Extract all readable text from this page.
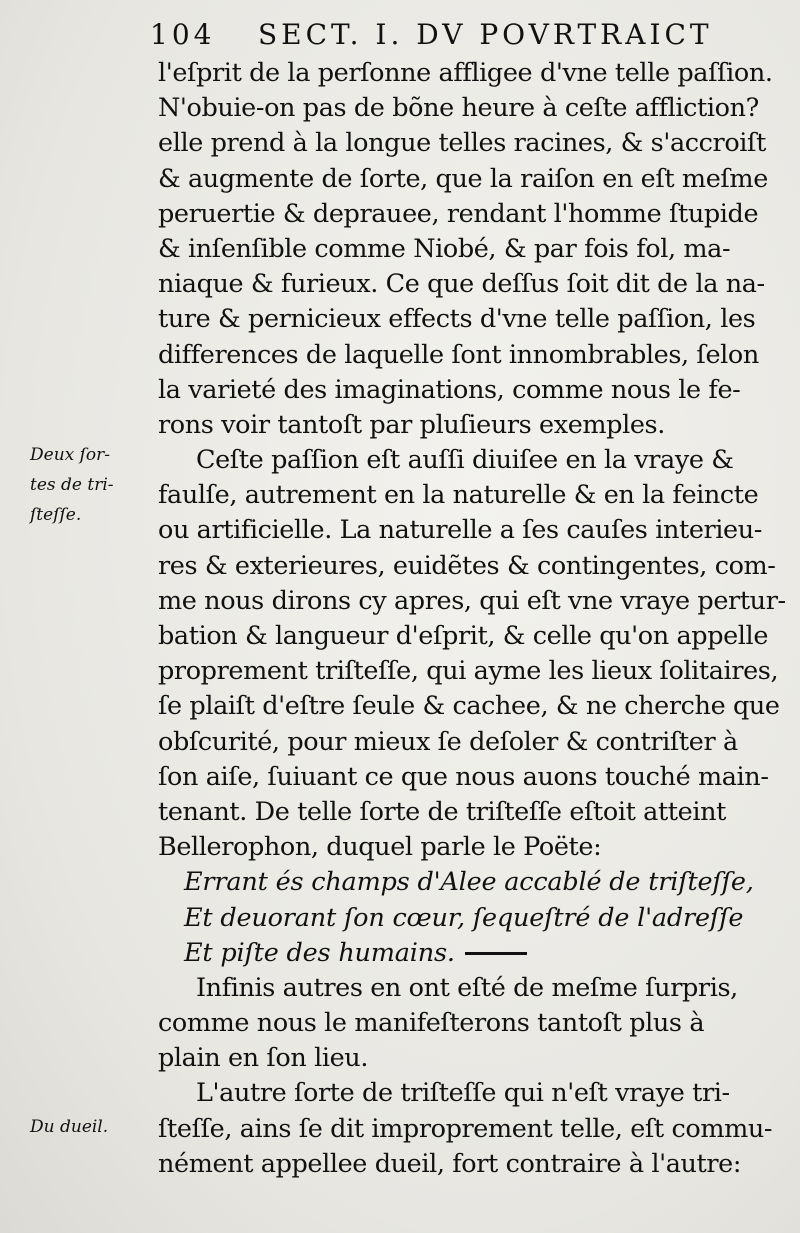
104 SECT. I. DV POVRTRAICT
l'eſprit de la perſonne affligee d'vne telle paſſion.
N'obuie-on pas de bõne heure à ceſte affliction?
elle prend à la longue telles racines, & s'accroiſt
& augmente de ſorte, que la raiſon en eſt meſme
peruertie & deprauee, rendant l'homme ſtupide
& inſenſible comme Niobé, & par fois fol, ma-
niaque & furieux. Ce que deſſus ſoit dit de la na-
ture & pernicieux effects d'vne telle paſſion, les
differences de laquelle ſont innombrables, ſelon
la varieté des imaginations, comme nous le fe-
rons voir tantoſt par pluſieurs exemples.
Ceſte paſſion eſt auſſi diuiſee en la vraye &
faulſe, autrement en la naturelle & en la feincte
ou artificielle. La naturelle a ſes cauſes interieu-
res & exterieures, euidẽtes & contingentes, com-
me nous dirons cy apres, qui eſt vne vraye pertur-
bation & langueur d'eſprit, & celle qu'on appelle
proprement triſteſſe, qui ayme les lieux ſolitaires,
ſe plaiſt d'eſtre ſeule & cachee, & ne cherche que
obſcurité, pour mieux ſe deſoler & contriſter à
ſon aiſe, ſuiuant ce que nous auons touché main-
tenant. De telle ſorte de triſteſſe eſtoit atteint
Bellerophon, duquel parle le Poëte:
Errant és champs d'Alee accablé de triſteſſe,
Et deuorant ſon cœur, ſequeſtré de l'adreſſe
Et piſte des humains.
Infinis autres en ont eſté de meſme ſurpris,
comme nous le manifeſterons tantoſt plus à
plain en ſon lieu.
L'autre ſorte de triſteſſe qui n'eſt vraye tri-
ſteſſe, ains ſe dit improprement telle, eſt commu-
nément appellee dueil, fort contraire à l'autre:
Deux ſor-
tes de tri-
ſteſſe.
Du dueil.
